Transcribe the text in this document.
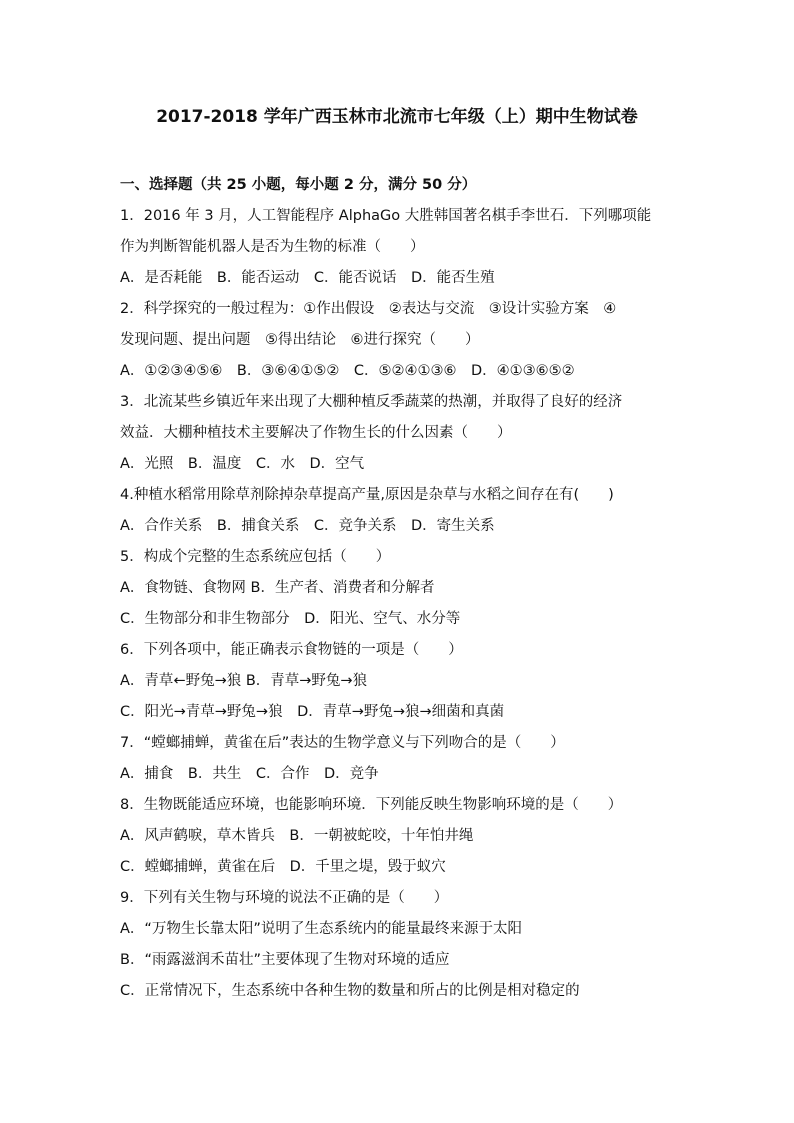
2017-2018 学年广西玉林市北流市七年级（上）期中生物试卷
一、选择题（共 25 小题，每小题 2 分，满分 50 分）
1．2016 年 3 月，人工智能程序 AlphaGo 大胜韩国著名棋手李世石．下列哪项能
作为判断智能机器人是否为生物的标准（　　）
A．是否耗能　B．能否运动　C．能否说话　D．能否生殖
2．科学探究的一般过程为：①作出假设　②表达与交流　③设计实验方案　④
发现问题、提出问题　⑤得出结论　⑥进行探究（　　）
A．①②③④⑤⑥　B．③⑥④①⑤②　C．⑤②④①③⑥　D．④①③⑥⑤②
3．北流某些乡镇近年来出现了大棚种植反季蔬菜的热潮，并取得了良好的经济
效益．大棚种植技术主要解决了作物生长的什么因素（　　）
A．光照　B．温度　C．水　D．空气
4.种植水稻常用除草剂除掉杂草提高产量,原因是杂草与水稻之间存在有(　　)
A．合作关系　B．捕食关系　C．竞争关系　D．寄生关系
5．构成个完整的生态系统应包括（　　）
A．食物链、食物网 B．生产者、消费者和分解者
C．生物部分和非生物部分　D．阳光、空气、水分等
6．下列各项中，能正确表示食物链的一项是（　　）
A．青草←野兔→狼 B．青草→野兔→狼
C．阳光→青草→野兔→狼　D．青草→野兔→狼→细菌和真菌
7．“螳螂捕蝉，黄雀在后”表达的生物学意义与下列吻合的是（　　）
A．捕食　B．共生　C．合作　D．竞争
8．生物既能适应环境，也能影响环境．下列能反映生物影响环境的是（　　）
A．风声鹤唳，草木皆兵　B．一朝被蛇咬，十年怕井绳
C．螳螂捕蝉，黄雀在后　D．千里之堤，毁于蚁穴
9．下列有关生物与环境的说法不正确的是（　　）
A．“万物生长靠太阳”说明了生态系统内的能量最终来源于太阳
B．“雨露滋润禾苗壮”主要体现了生物对环境的适应
C．正常情况下，生态系统中各种生物的数量和所占的比例是相对稳定的
